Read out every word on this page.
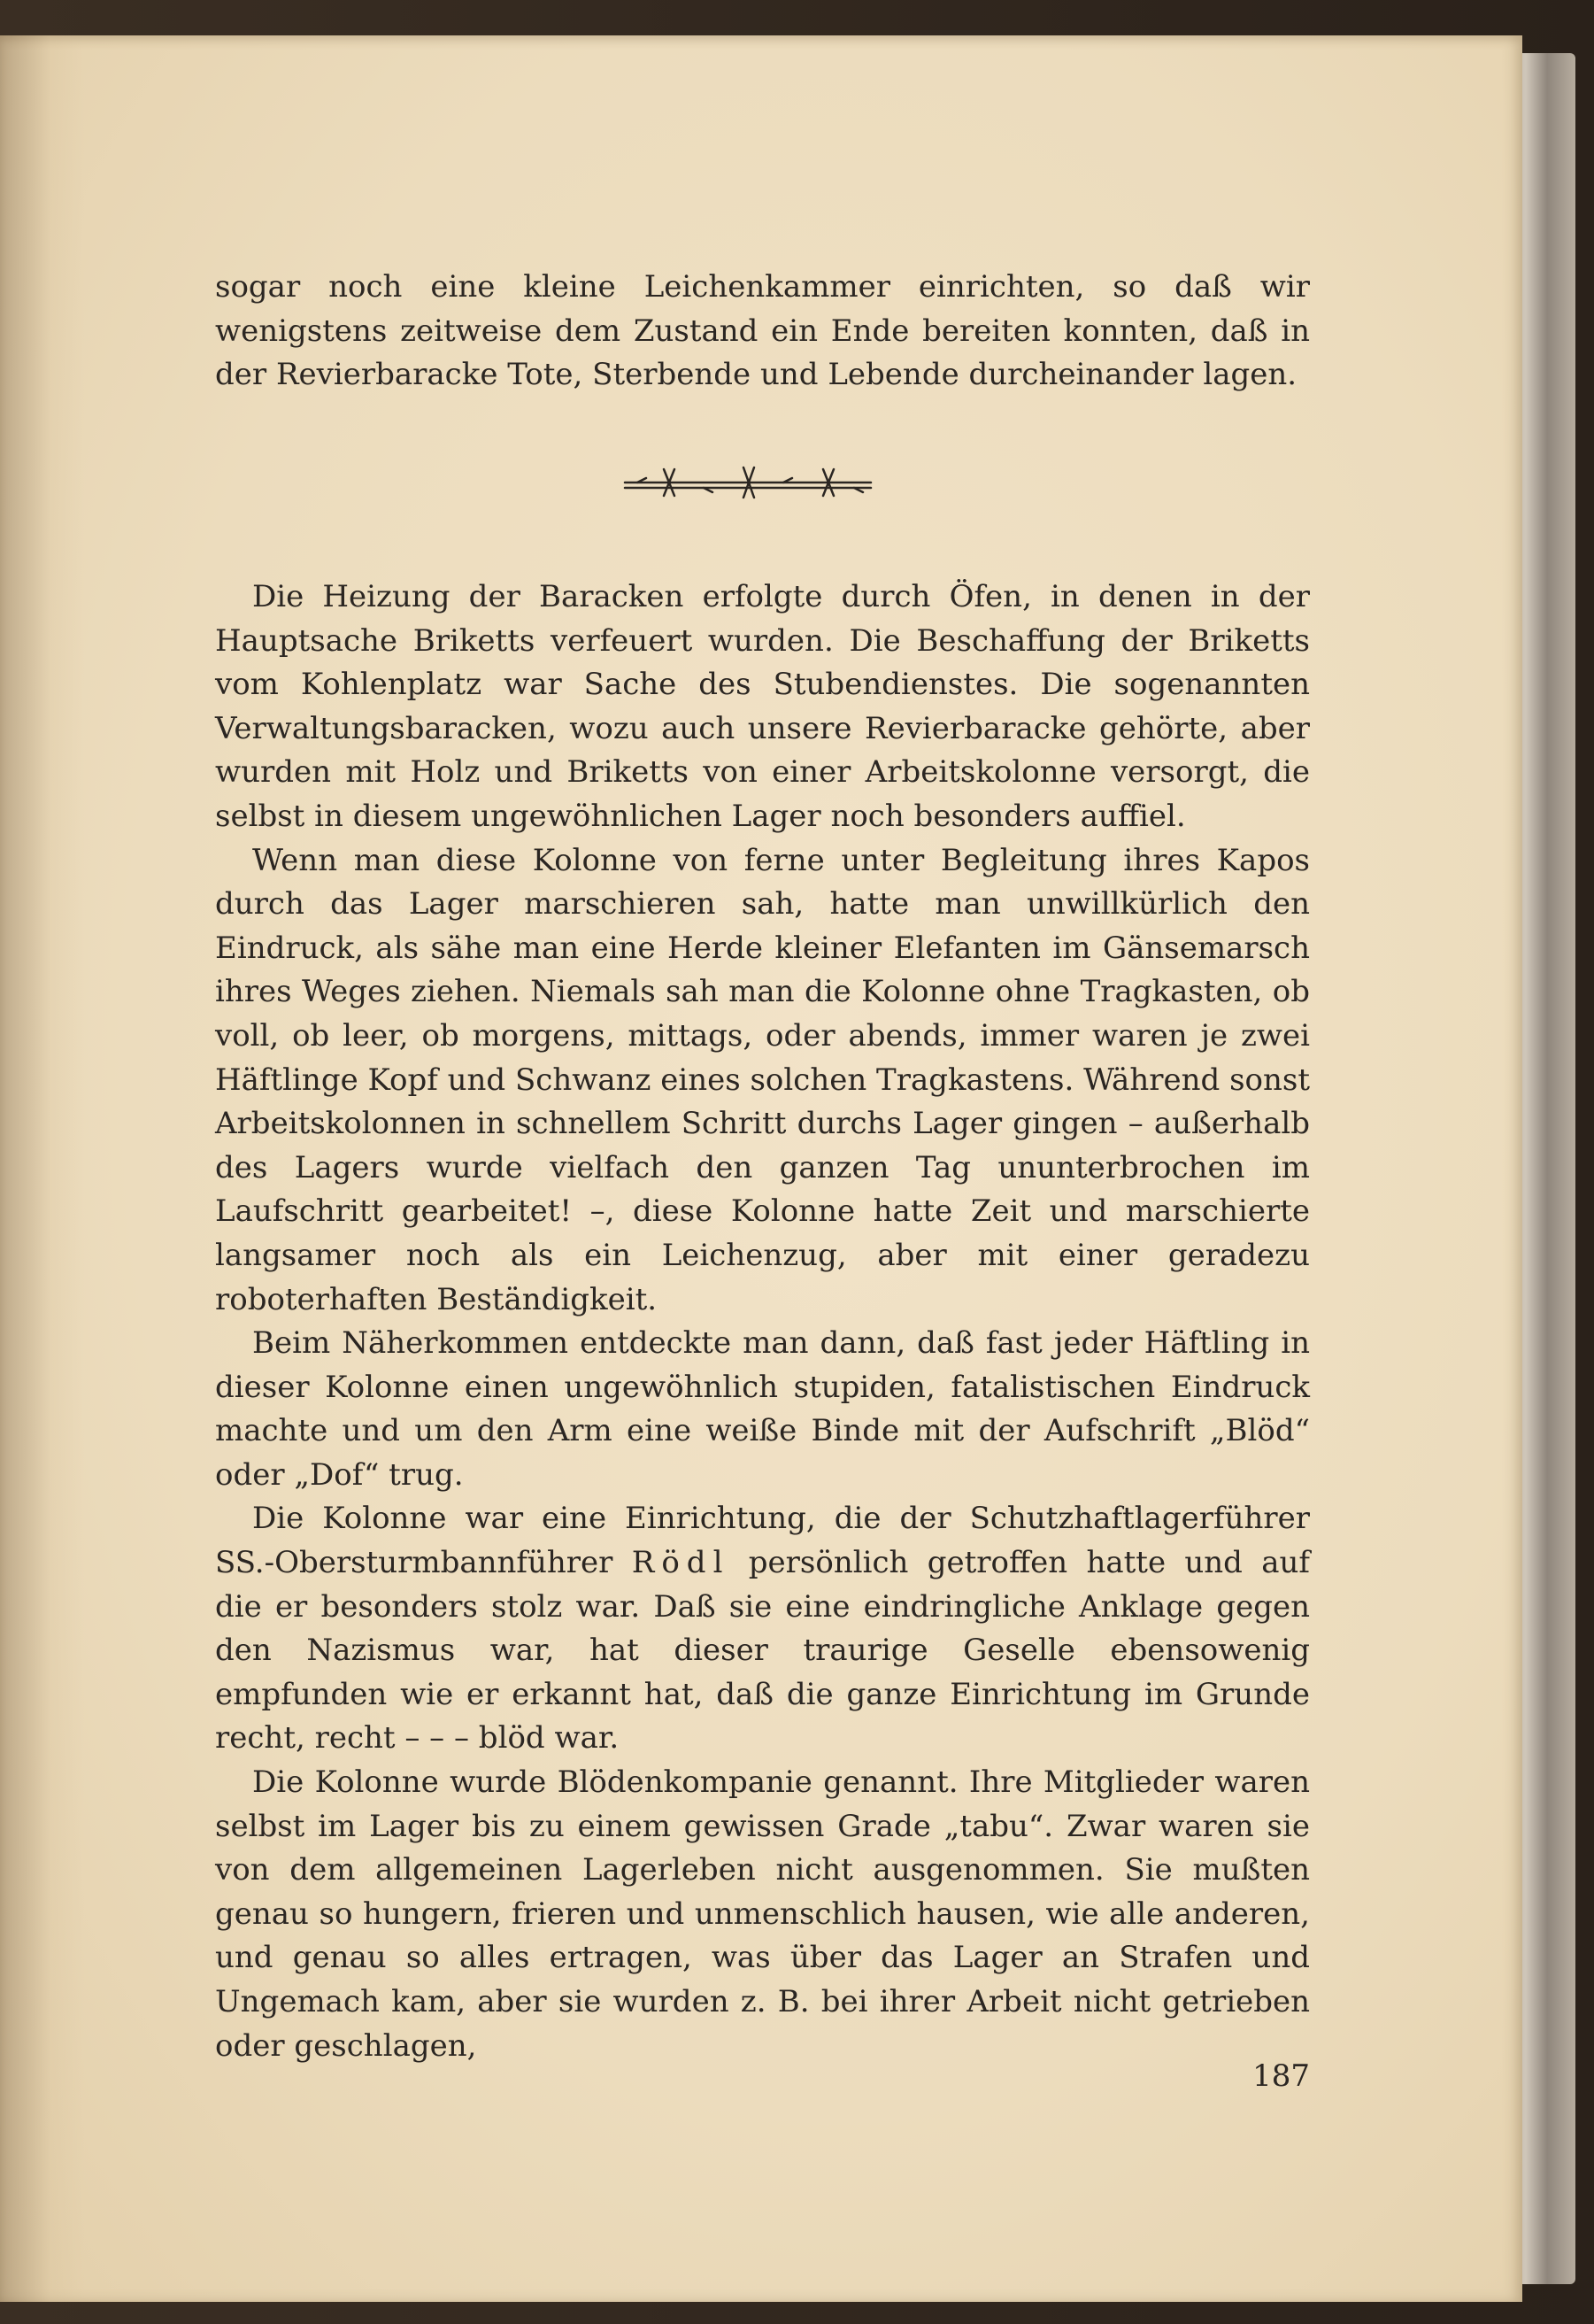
sogar noch eine kleine Leichenkammer einrichten, so daß wir wenigstens zeitweise dem Zustand ein Ende bereiten konnten, daß in der Revierbaracke Tote, Sterbende und Lebende durcheinander lagen.

Die Heizung der Baracken erfolgte durch Öfen, in denen in der Hauptsache Briketts verfeuert wurden. Die Beschaffung der Briketts vom Kohlenplatz war Sache des Stubendienstes. Die sogenannten Verwaltungsbaracken, wozu auch unsere Revierbaracke gehörte, aber wurden mit Holz und Briketts von einer Arbeitskolonne versorgt, die selbst in diesem ungewöhnlichen Lager noch besonders auffiel.

Wenn man diese Kolonne von ferne unter Begleitung ihres Kapos durch das Lager marschieren sah, hatte man unwillkürlich den Eindruck, als sähe man eine Herde kleiner Elefanten im Gänsemarsch ihres Weges ziehen. Niemals sah man die Kolonne ohne Tragkasten, ob voll, ob leer, ob morgens, mittags, oder abends, immer waren je zwei Häftlinge Kopf und Schwanz eines solchen Tragkastens. Während sonst Arbeitskolonnen in schnellem Schritt durchs Lager gingen – außerhalb des Lagers wurde vielfach den ganzen Tag ununterbrochen im Laufschritt gearbeitet! –, diese Kolonne hatte Zeit und marschierte langsamer noch als ein Leichenzug, aber mit einer geradezu roboterhaften Beständigkeit.

Beim Näherkommen entdeckte man dann, daß fast jeder Häftling in dieser Kolonne einen ungewöhnlich stupiden, fatalistischen Eindruck machte und um den Arm eine weiße Binde mit der Aufschrift „Blöd“ oder „Dof“ trug.

Die Kolonne war eine Einrichtung, die der Schutzhaftlagerführer SS.-Obersturmbannführer Rödl persönlich getroffen hatte und auf die er besonders stolz war. Daß sie eine eindringliche Anklage gegen den Nazismus war, hat dieser traurige Geselle ebensowenig empfunden wie er erkannt hat, daß die ganze Einrichtung im Grunde recht, recht – – – blöd war.

Die Kolonne wurde Blödenkompanie genannt. Ihre Mitglieder waren selbst im Lager bis zu einem gewissen Grade „tabu“. Zwar waren sie von dem allgemeinen Lagerleben nicht ausgenommen. Sie mußten genau so hungern, frieren und unmenschlich hausen, wie alle anderen, und genau so alles ertragen, was über das Lager an Strafen und Ungemach kam, aber sie wurden z. B. bei ihrer Arbeit nicht getrieben oder geschlagen,

187
